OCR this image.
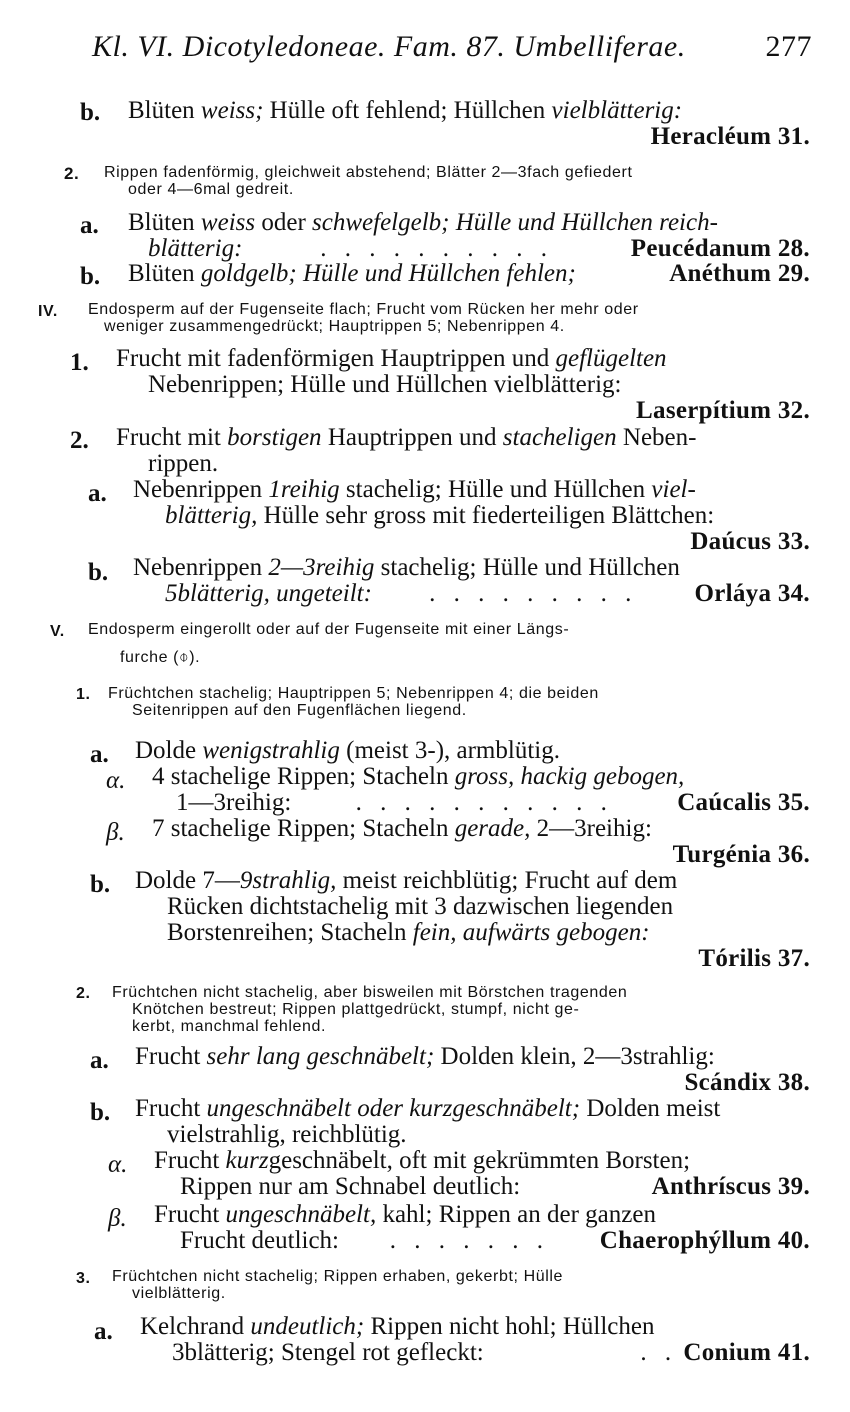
Kl. VI. Dicotyledoneae. Fam. 87. Umbelliferae.	277
b. Blüten weiss; Hülle oft fehlend; Hüllchen vielblätterig:
Heracléum 31.
2. Rippen fadenförmig, gleichweit abstehend; Blätter 2—3fach gefiedert
oder 4—6mal gedreit.
a. Blüten weiss oder schwefelgelb; Hülle und Hüllchen reich-
blätterig:	. . . . . . . . . .	Peucédanum 28.
b. Blüten goldgelb; Hülle und Hüllchen fehlen;	Anéthum 29.
IV. Endosperm auf der Fugenseite flach; Frucht vom Rücken her mehr oder
weniger zusammengedrückt; Hauptrippen 5; Nebenrippen 4.
1. Frucht mit fadenförmigen Hauptrippen und geflügelten
Nebenrippen; Hülle und Hüllchen vielblätterig:
Laserpítium 32.
2. Frucht mit borstigen Hauptrippen und stacheligen Neben-
rippen.
a. Nebenrippen 1reihig stachelig; Hülle und Hüllchen viel-
blätterig, Hülle sehr gross mit fiederteiligen Blättchen:
Daúcus 33.
b. Nebenrippen 2—3reihig stachelig; Hülle und Hüllchen
5blätterig, ungeteilt: . . . . . . . . . Orláya 34.
V. Endosperm eingerollt oder auf der Fugenseite mit einer Längs-
furche (⌽).
1. Früchtchen stachelig; Hauptrippen 5; Nebenrippen 4; die beiden
Seitenrippen auf den Fugenflächen liegend.
a. Dolde wenigstrahlig (meist 3-), armblütig.
α. 4 stachelige Rippen; Stacheln gross, hackig gebogen,
1—3reihig:	. . . . . . . . . . .	Caúcalis 35.
β. 7 stachelige Rippen; Stacheln gerade, 2—3reihig:
Turgénia 36.
b. Dolde 7—9strahlig, meist reichblütig; Frucht auf dem
Rücken dichtstachelig mit 3 dazwischen liegenden
Borstenreihen; Stacheln fein, aufwärts gebogen:
Tórilis 37.
2. Früchtchen nicht stachelig, aber bisweilen mit Börstchen tragenden
Knötchen bestreut; Rippen plattgedrückt, stumpf, nicht ge-
kerbt, manchmal fehlend.
a. Frucht sehr lang geschnäbelt; Dolden klein, 2—3strahlig:
Scándix 38.
b. Frucht ungeschnäbelt oder kurzgeschnäbelt; Dolden meist
vielstrahlig, reichblütig.
α. Frucht kurzgeschnäbelt, oft mit gekrümmten Borsten;
Rippen nur am Schnabel deutlich:	Anthríscus 39.
β. Frucht ungeschnäbelt, kahl; Rippen an der ganzen
Frucht deutlich: . . . . . . . Chaerophýllum 40.
3. Früchtchen nicht stachelig; Rippen erhaben, gekerbt; Hülle
vielblätterig.
a. Kelchrand undeutlich; Rippen nicht hohl; Hüllchen
3blätterig; Stengel rot gefleckt:	. . Conium 41.
